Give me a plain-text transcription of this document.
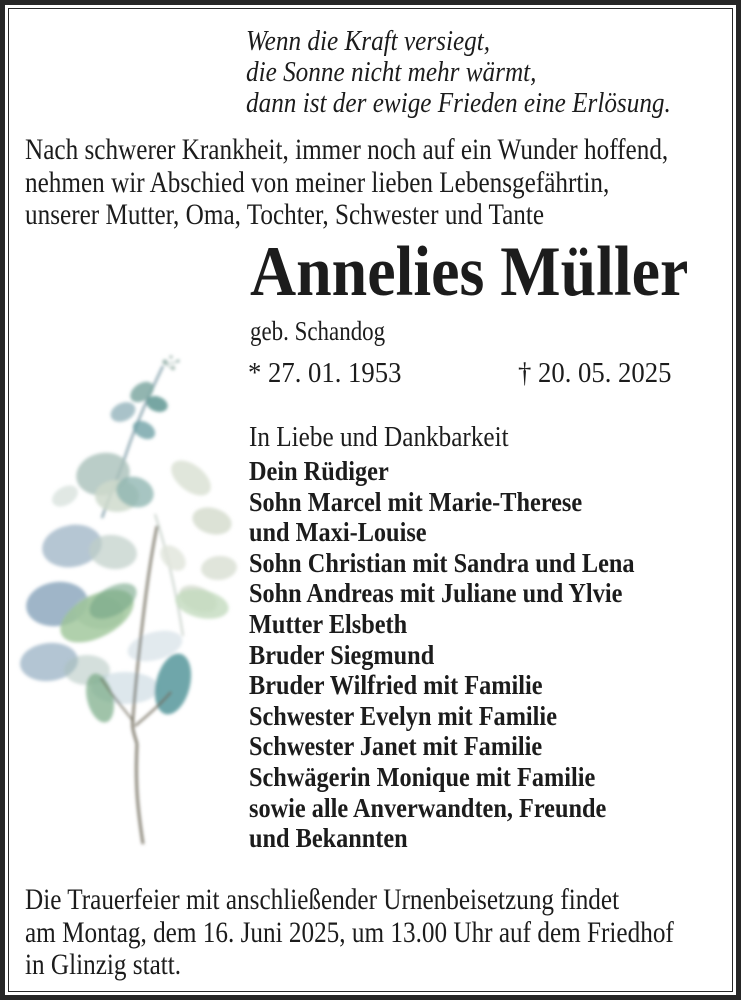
Wenn die Kraft versiegt,
die Sonne nicht mehr wärmt,
dann ist der ewige Frieden eine Erlösung.
Nach schwerer Krankheit, immer noch auf ein Wunder hoffend,
nehmen wir Abschied von meiner lieben Lebensgefährtin,
unserer Mutter, Oma, Tochter, Schwester und Tante
Annelies Müller
geb. Schandog
* 27. 01. 1953	† 20. 05. 2025
In Liebe und Dankbarkeit
Dein Rüdiger
Sohn Marcel mit Marie-Therese
und Maxi-Louise
Sohn Christian mit Sandra und Lena
Sohn Andreas mit Juliane und Ylvie
Mutter Elsbeth
Bruder Siegmund
Bruder Wilfried mit Familie
Schwester Evelyn mit Familie
Schwester Janet mit Familie
Schwägerin Monique mit Familie
sowie alle Anverwandten, Freunde
und Bekannten
Die Trauerfeier mit anschließender Urnenbeisetzung findet
am Montag, dem 16. Juni 2025, um 13.00 Uhr auf dem Friedhof
in Glinzig statt.
